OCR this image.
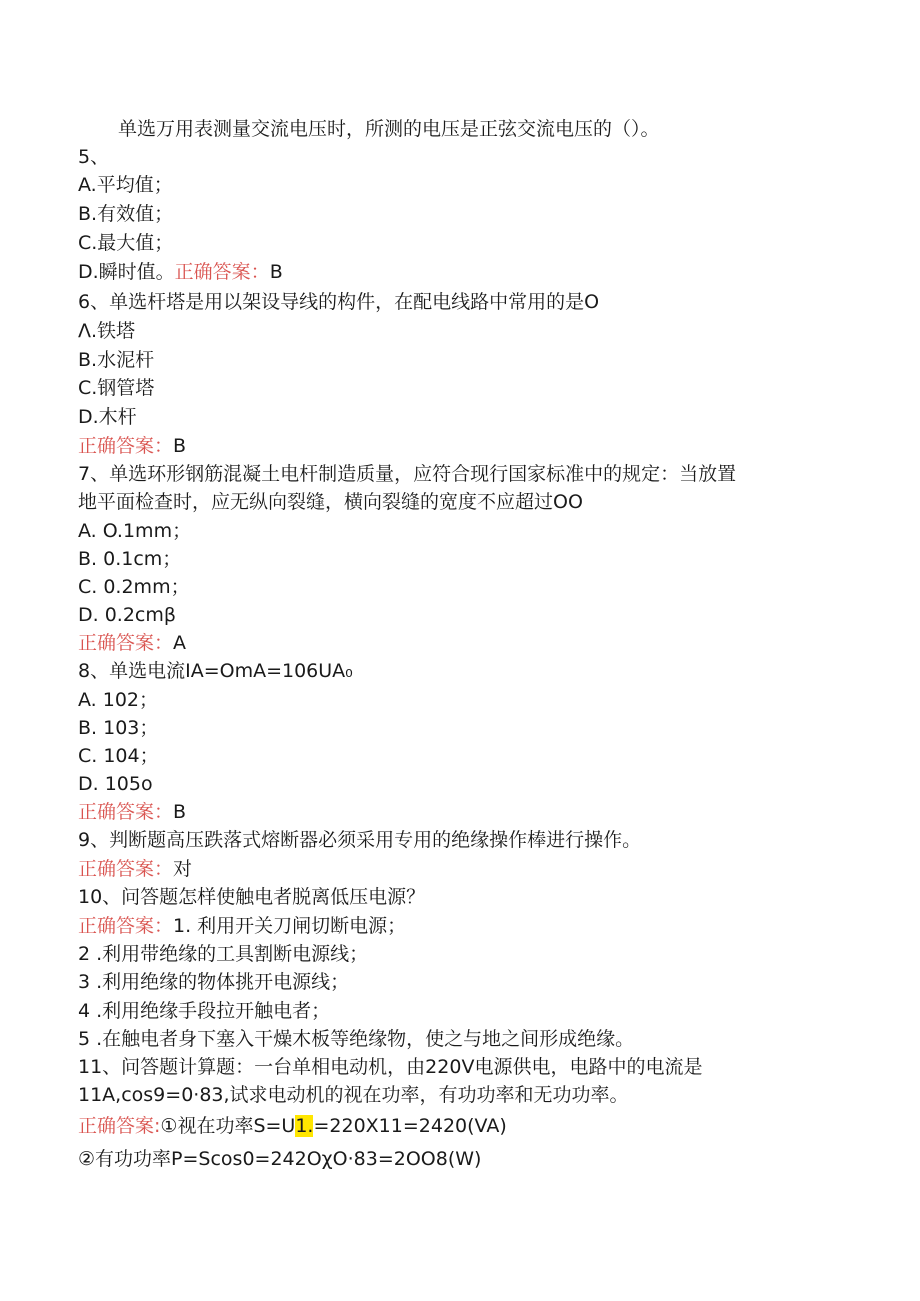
单选万用表测量交流电压时，所测的电压是正弦交流电压的（）。
5、
A.平均值；
B.有效值；
C.最大值；
D.瞬时值。正确答案：B
6、单选杆塔是用以架设导线的构件，在配电线路中常用的是O
Λ.铁塔
B.水泥杆
C.钢管塔
D.木杆
正确答案：B
7、单选环形钢筋混凝土电杆制造质量，应符合现行国家标准中的规定：当放置
地平面检查时，应无纵向裂缝，横向裂缝的宽度不应超过OO
A. O.1mm；
B. 0.1cm；
C. 0.2mm；
D. 0.2cmβ
正确答案：A
8、单选电流IA=OmA=106UA₀
A. 102；
B. 103；
C. 104；
D. 105o
正确答案：B
9、判断题高压跌落式熔断器必须采用专用的绝缘操作棒进行操作。
正确答案：对
10、问答题怎样使触电者脱离低压电源？
正确答案：1. 利用开关刀闸切断电源；
2 .利用带绝缘的工具割断电源线；
3 .利用绝缘的物体挑开电源线；
4 .利用绝缘手段拉开触电者；
5 .在触电者身下塞入干燥木板等绝缘物，使之与地之间形成绝缘。
11、问答题计算题：一台单相电动机，由220V电源供电，电路中的电流是
11A,cos9=0·83,试求电动机的视在功率，有功功率和无功功率。
正确答案:①视在功率S=U1.=220X11=2420(VA)
②有功功率P=Scos0=242OχO·83=2OO8(W)
